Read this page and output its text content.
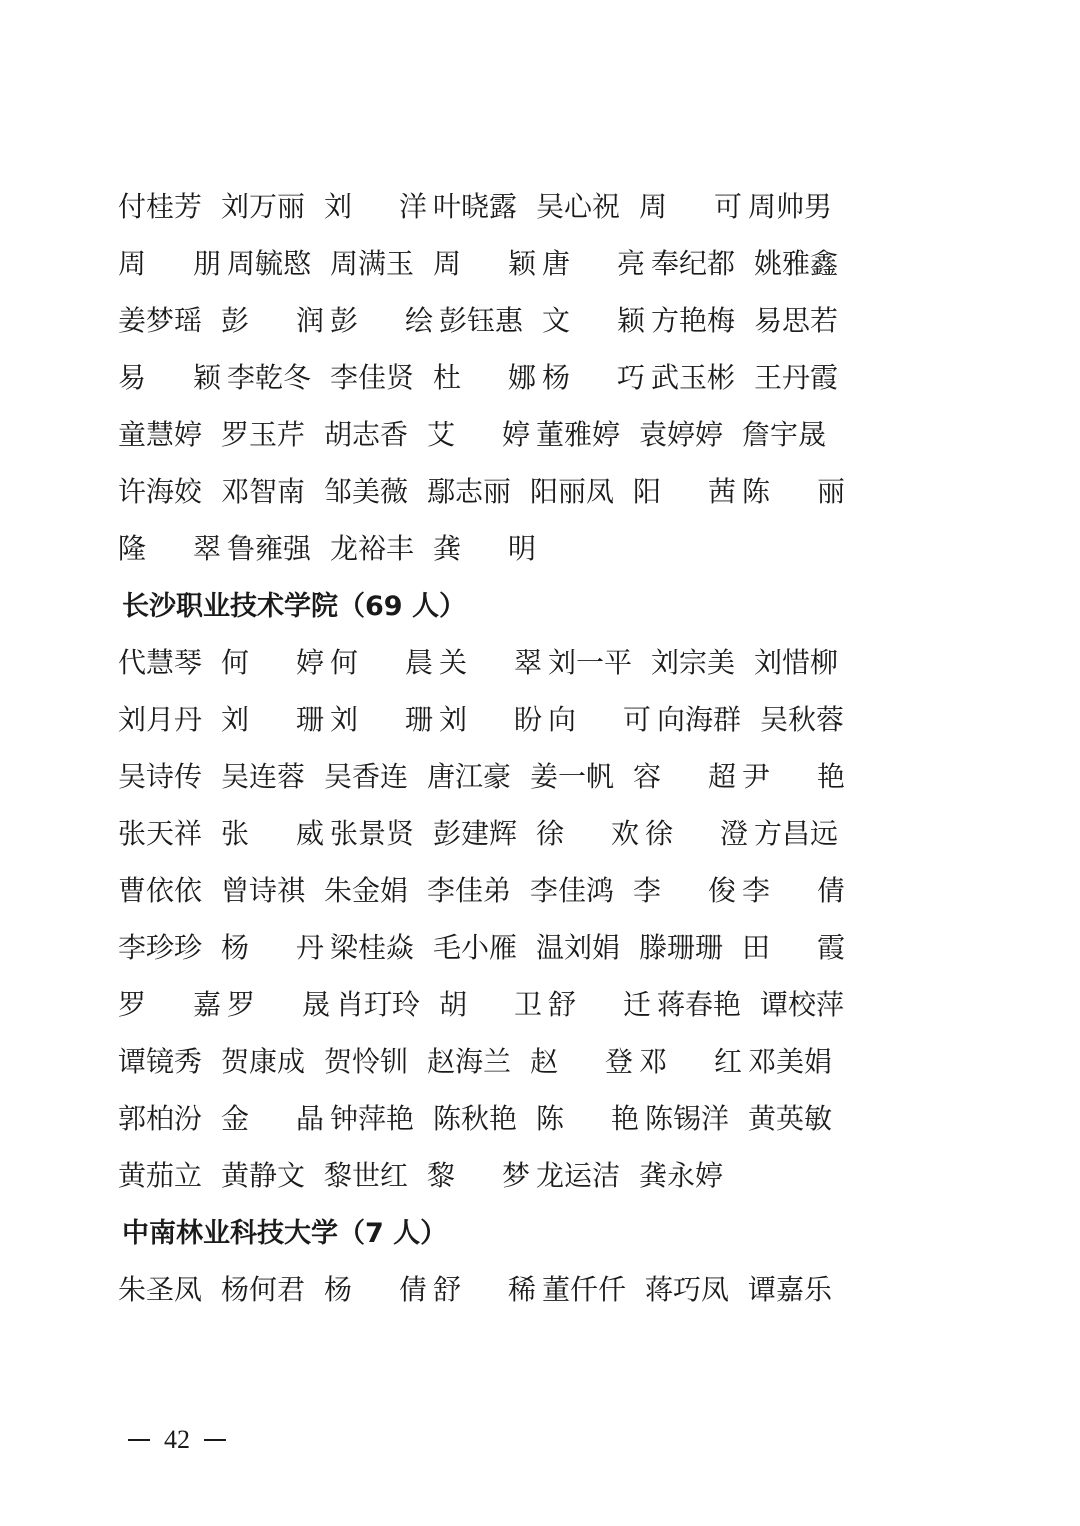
付桂芳 刘万丽 刘 洋 叶晓露 吴心祝 周 可 周帅男
周 朋 周毓愍 周满玉 周 颖 唐 亮 奉纪都 姚雅鑫
姜梦瑶 彭 润 彭 绘 彭钰惠 文 颖 方艳梅 易思若
易 颖 李乾冬 李佳贤 杜 娜 杨 巧 武玉彬 王丹霞
童慧婷 罗玉芹 胡志香 艾 婷 董雅婷 袁婷婷 詹宇晟
许海姣 邓智南 邹美薇 鄢志丽 阳丽凤 阳 茜 陈 丽
隆 翠 鲁雍强 龙裕丰 龚 明
长沙职业技术学院 （69 人）
代慧琴 何 婷 何 晨 关 翠 刘一平 刘宗美 刘惜柳
刘月丹 刘 珊 刘 珊 刘 盼 向 可 向海群 吴秋蓉
吴诗传 吴连蓉 吴香连 唐江豪 姜一帆 容 超 尹 艳
张天祥 张 威 张景贤 彭建辉 徐 欢 徐 澄 方昌远
曹依依 曾诗祺 朱金娟 李佳弟 李佳鸿 李 俊 李 倩
李珍珍 杨 丹 梁桂焱 毛小雁 温刘娟 滕珊珊 田 霞
罗 嘉 罗 晟 肖玎玲 胡 卫 舒 迁 蒋春艳 谭校萍
谭镜秀 贺康成 贺怜钏 赵海兰 赵 登 邓 红 邓美娟
郭柏汾 金 晶 钟萍艳 陈秋艳 陈 艳 陈锡洋 黄英敏
黄茄立 黄静文 黎世红 黎 梦 龙运洁 龚永婷
中南林业科技大学 （7 人）
朱圣凤 杨何君 杨 倩 舒 稀 董仟仟 蒋巧凤 谭嘉乐
42
